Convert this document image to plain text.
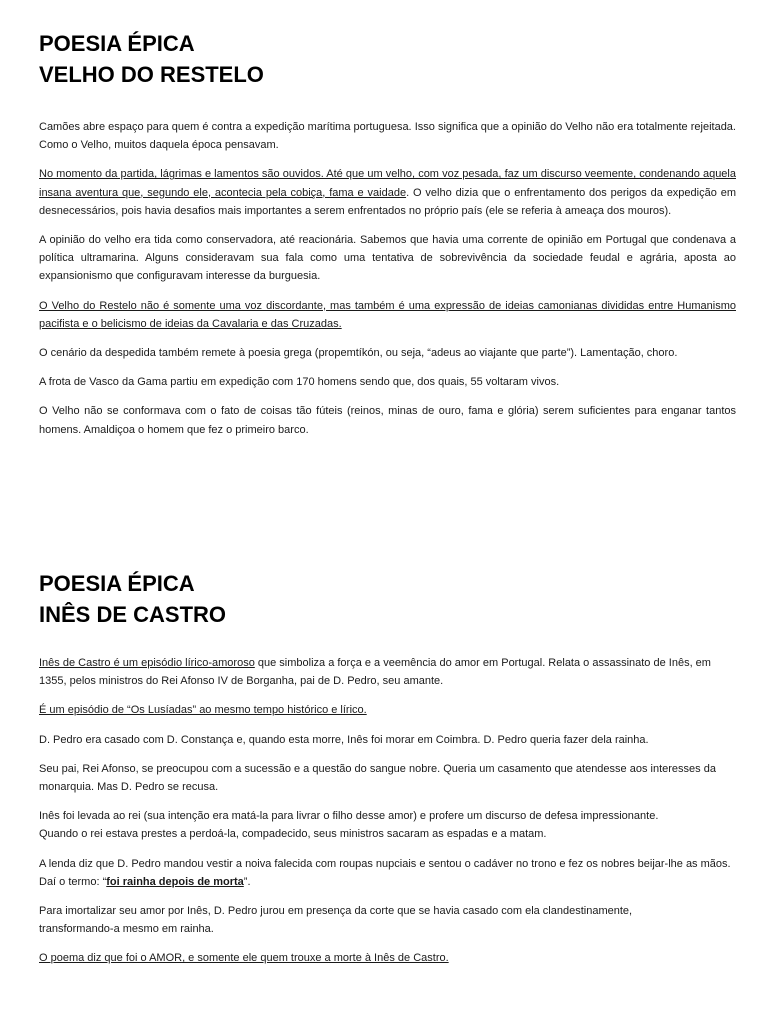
POESIA ÉPICA
VELHO DO RESTELO

Camões abre espaço para quem é contra a expedição marítima portuguesa. Isso significa que a opinião do Velho não era totalmente rejeitada. Como o Velho, muitos daquela época pensavam.

No momento da partida, lágrimas e lamentos são ouvidos. Até que um velho, com voz pesada, faz um discurso veemente, condenando aquela insana aventura que, segundo ele, acontecia pela cobiça, fama e vaidade. O velho dizia que o enfrentamento dos perigos da expedição em desnecessários, pois havia desafios mais importantes a serem enfrentados no próprio país (ele se referia à ameaça dos mouros).

A opinião do velho era tida como conservadora, até reacionária. Sabemos que havia uma corrente de opinião em Portugal que condenava a política ultramarina. Alguns consideravam sua fala como uma tentativa de sobrevivência da sociedade feudal e agrária, aposta ao expansionismo que configuravam interesse da burguesia.

O Velho do Restelo não é somente uma voz discordante, mas também é uma expressão de ideias camonianas divididas entre Humanismo pacifista e o belicismo de ideias da Cavalaria e das Cruzadas.

O cenário da despedida também remete à poesia grega (propemtíkón, ou seja, “adeus ao viajante que parte”). Lamentação, choro.

A frota de Vasco da Gama partiu em expedição com 170 homens sendo que, dos quais, 55 voltaram vivos.

O Velho não se conformava com o fato de coisas tão fúteis (reinos, minas de ouro, fama e glória) serem suficientes para enganar tantos homens. Amaldiçoa o homem que fez o primeiro barco.

POESIA ÉPICA
INÊS DE CASTRO

Inês de Castro é um episódio lírico-amoroso que simboliza a força e a veemência do amor em Portugal. Relata o assassinato de Inês, em 1355, pelos ministros do Rei Afonso IV de Borganha, pai de D. Pedro, seu amante.

É um episódio de “Os Lusíadas” ao mesmo tempo histórico e lírico.

D. Pedro era casado com D. Constança e, quando esta morre, Inês foi morar em Coimbra. D. Pedro queria fazer dela rainha.

Seu pai, Rei Afonso, se preocupou com a sucessão e a questão do sangue nobre. Queria um casamento que atendesse aos interesses da monarquia. Mas D. Pedro se recusa.

Inês foi levada ao rei (sua intenção era matá-la para livrar o filho desse amor) e profere um discurso de defesa impressionante.
Quando o rei estava prestes a perdoá-la, compadecido, seus ministros sacaram as espadas e a matam.

A lenda diz que D. Pedro mandou vestir a noiva falecida com roupas nupciais e sentou o cadáver no trono e fez os nobres beijar-lhe as mãos. Daí o termo: “foi rainha depois de morta”.

Para imortalizar seu amor por Inês, D. Pedro jurou em presença da corte que se havia casado com ela clandestinamente,
transformando-a mesmo em rainha.

O poema diz que foi o AMOR, e somente ele quem trouxe a morte à Inês de Castro.
